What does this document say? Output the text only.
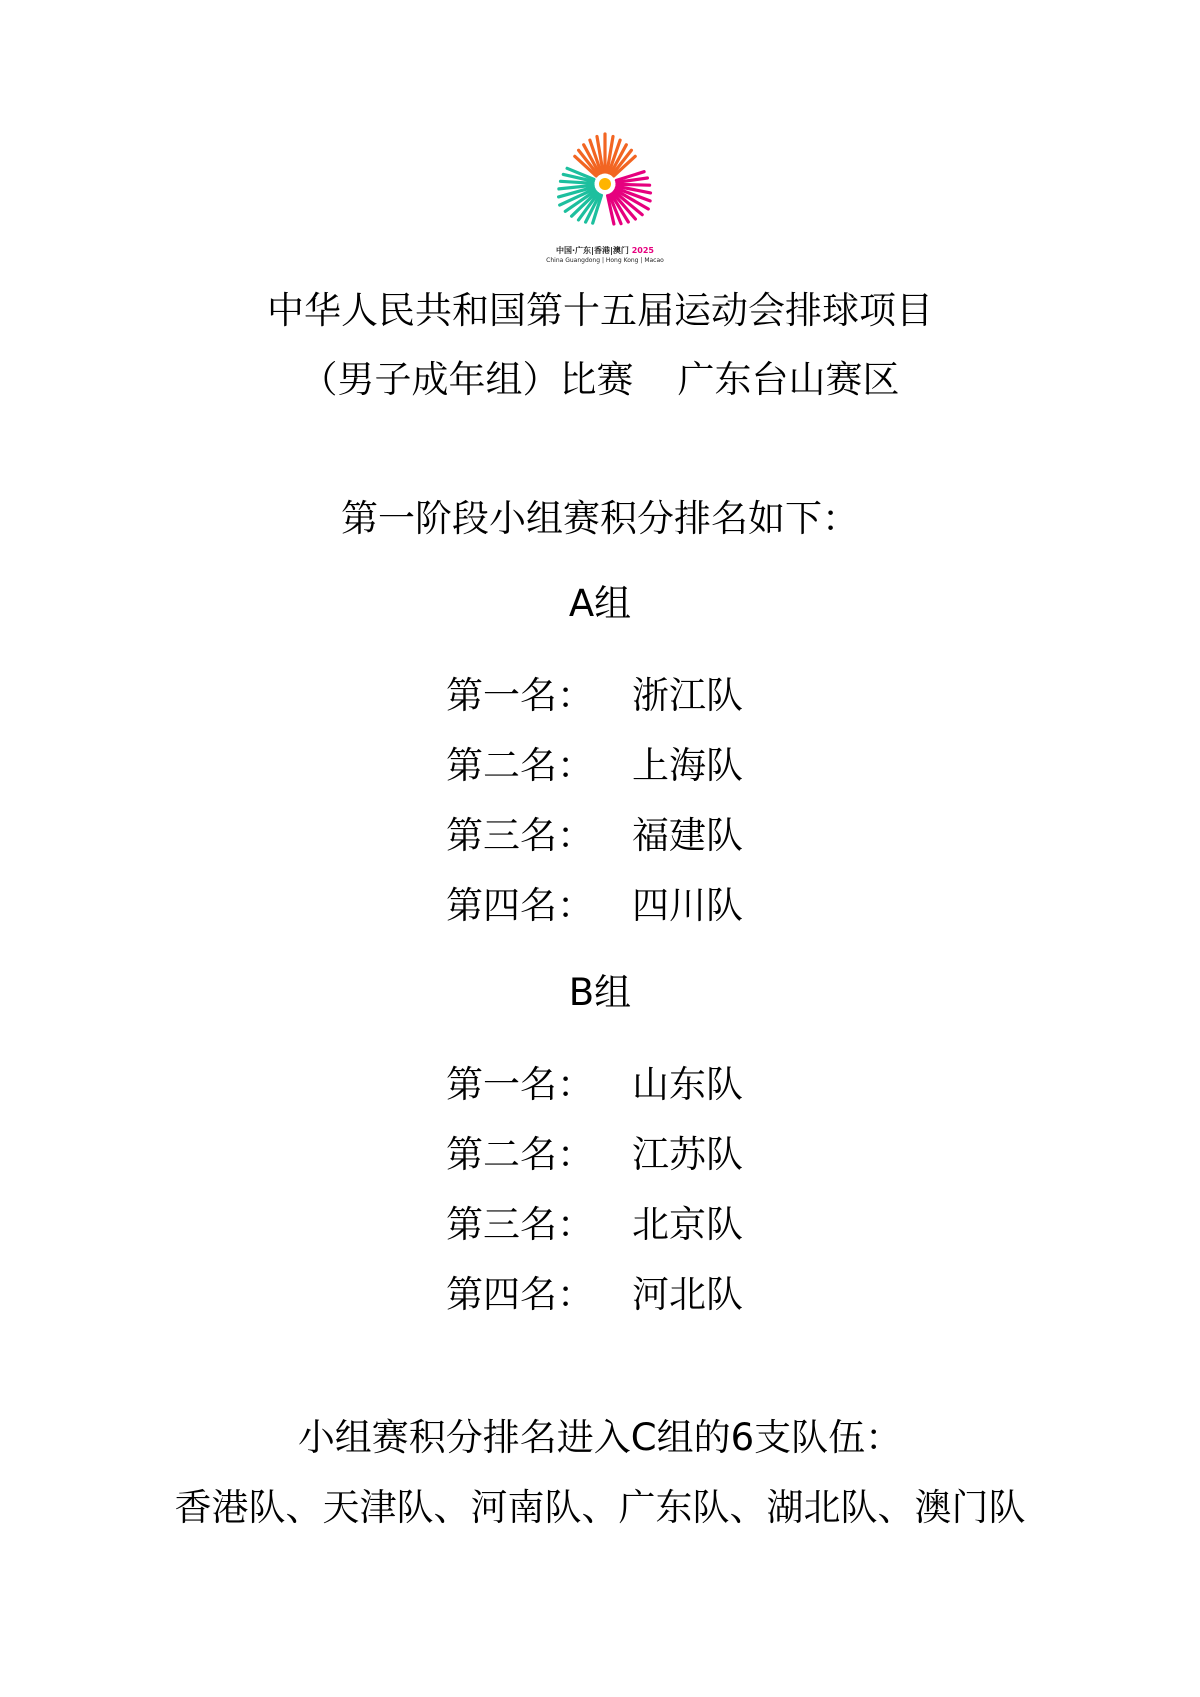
中国·广东|香港|澳门 2025
China Guangdong | Hong Kong | Macao
中华人民共和国第十五届运动会排球项目
（男子成年组）比赛 广东台山赛区
第一阶段小组赛积分排名如下：
A组
第一名： 浙江队
第二名： 上海队
第三名： 福建队
第四名： 四川队
B组
第一名： 山东队
第二名： 江苏队
第三名： 北京队
第四名： 河北队
小组赛积分排名进入C组的6支队伍：
香港队、天津队、河南队、广东队、湖北队、澳门队
